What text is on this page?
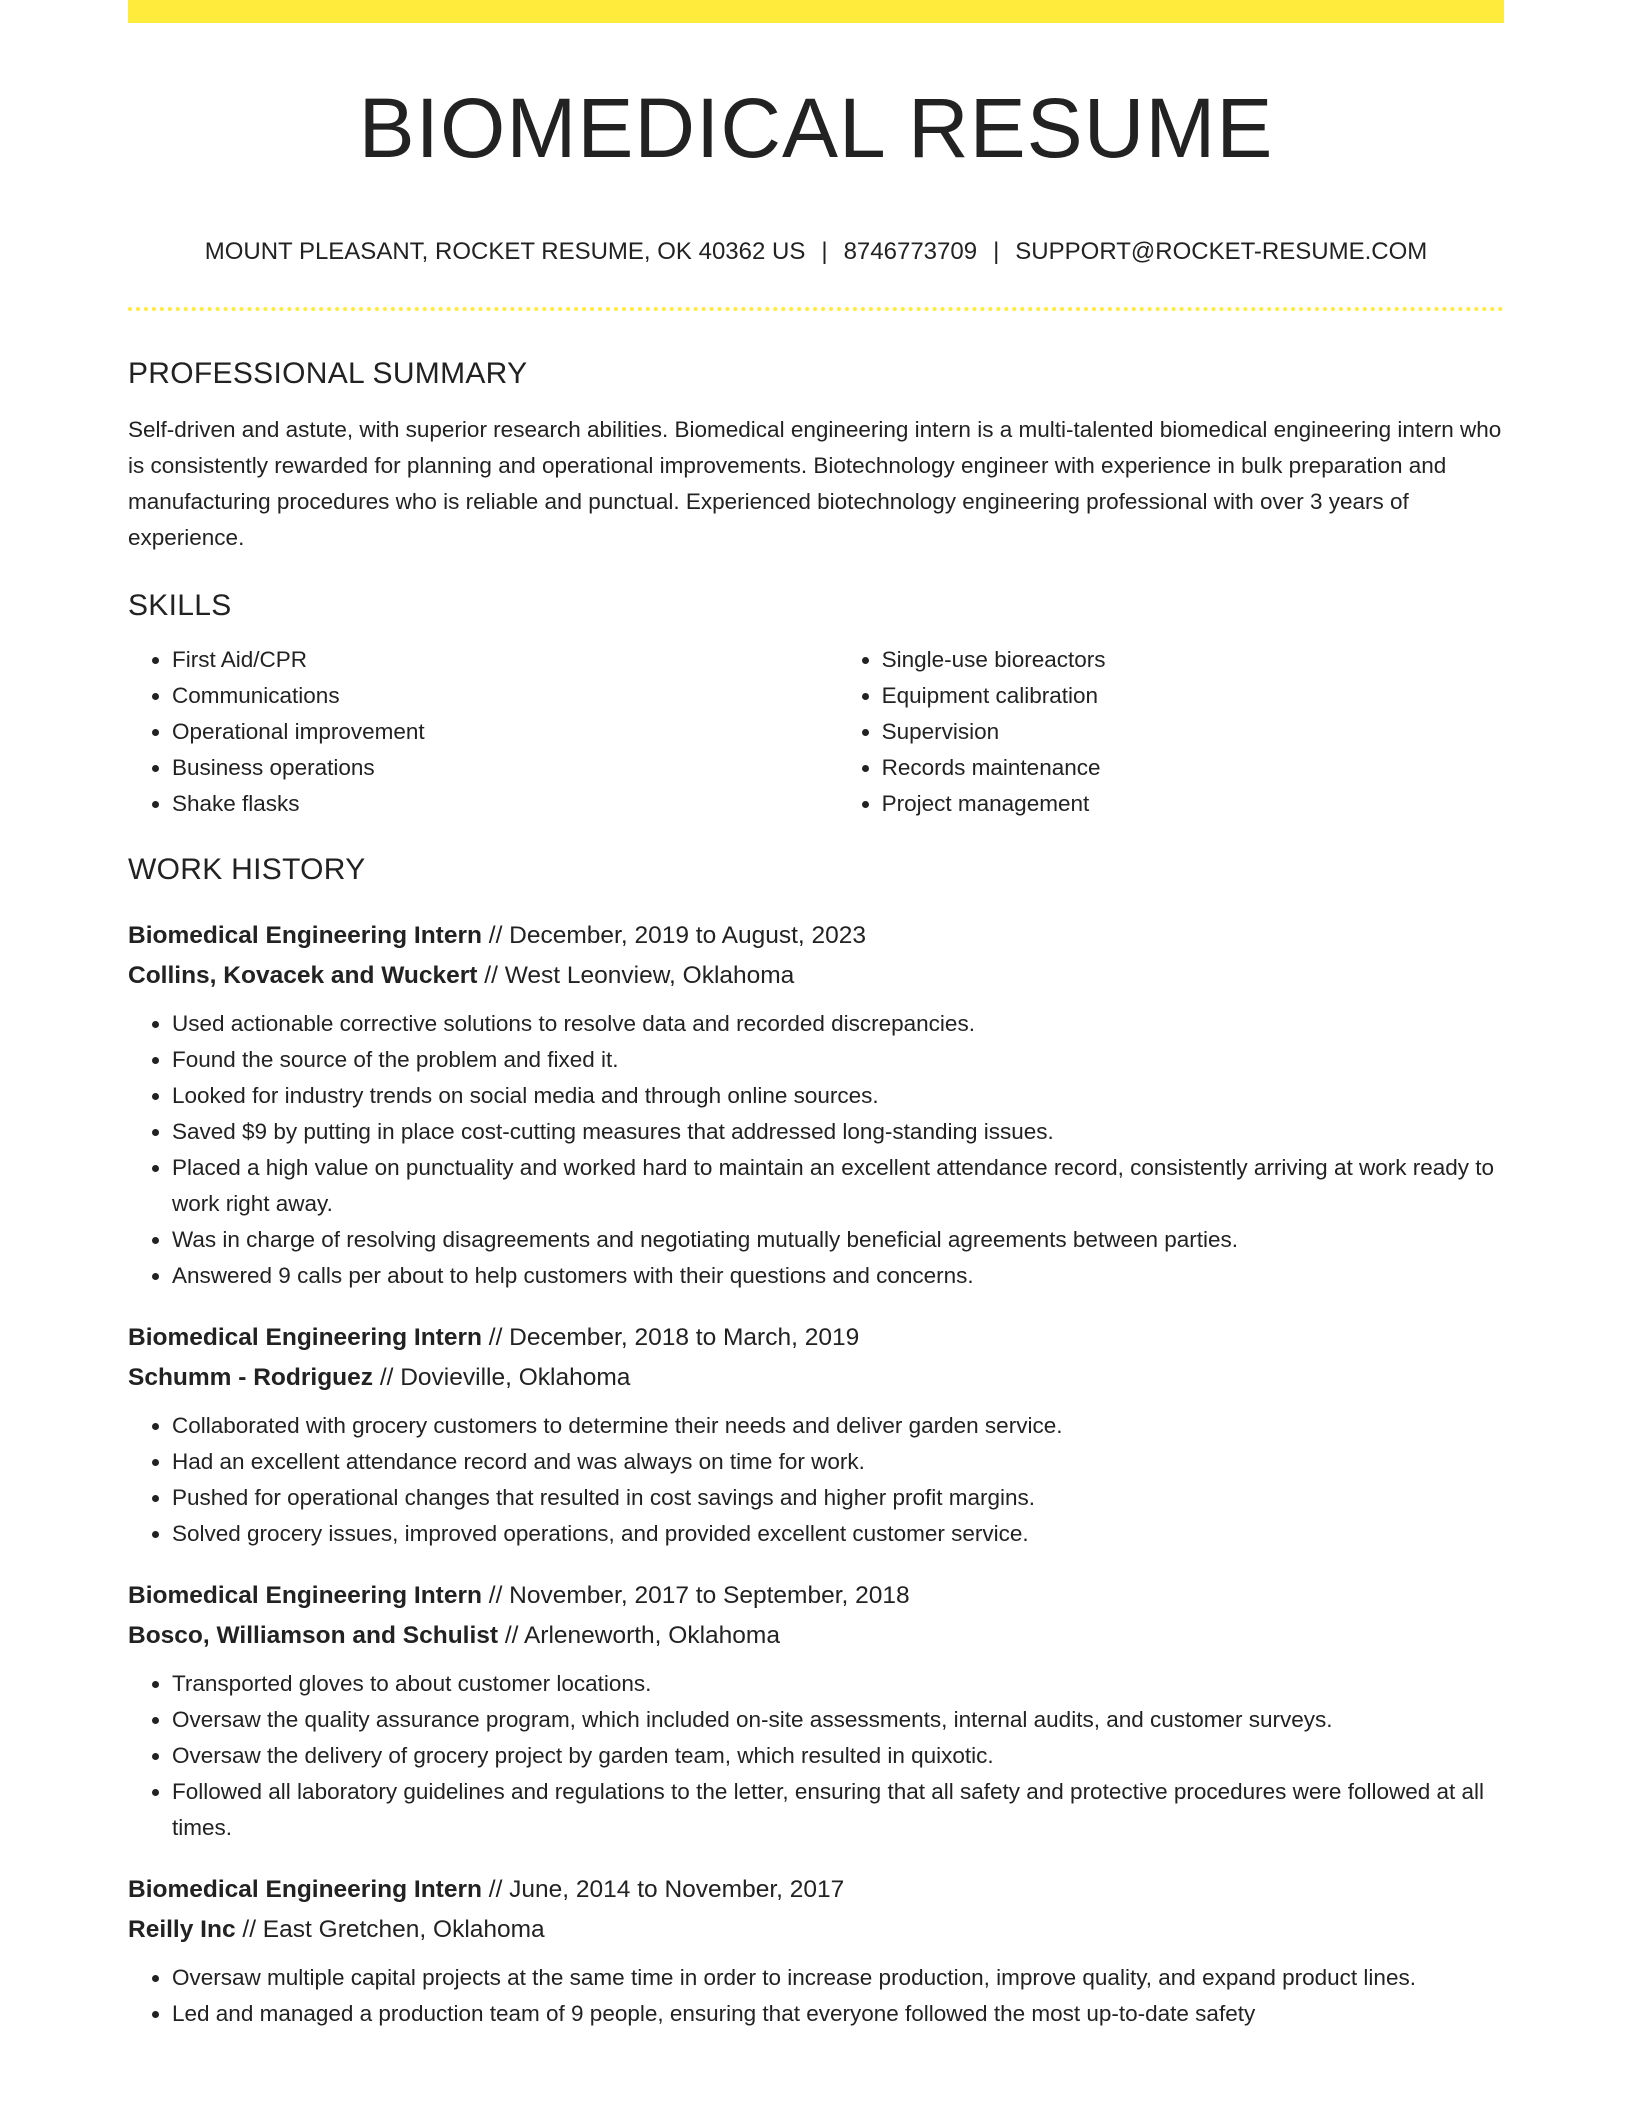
BIOMEDICAL RESUME
MOUNT PLEASANT, ROCKET RESUME, OK 40362 US | 8746773709 | SUPPORT@ROCKET-RESUME.COM
PROFESSIONAL SUMMARY

Self-driven and astute, with superior research abilities. Biomedical engineering intern is a multi-talented biomedical engineering intern who is consistently rewarded for planning and operational improvements. Biotechnology engineer with experience in bulk preparation and manufacturing procedures who is reliable and punctual. Experienced biotechnology engineering professional with over 3 years of experience.

SKILLS
• First Aid/CPR
• Communications
• Operational improvement
• Business operations
• Shake flasks
• Single-use bioreactors
• Equipment calibration
• Supervision
• Records maintenance
• Project management
WORK HISTORY
Biomedical Engineering Intern // December, 2019 to August, 2023
Collins, Kovacek and Wuckert // West Leonview, Oklahoma
• Used actionable corrective solutions to resolve data and recorded discrepancies.
• Found the source of the problem and fixed it.
• Looked for industry trends on social media and through online sources.
• Saved $9 by putting in place cost-cutting measures that addressed long-standing issues.
• Placed a high value on punctuality and worked hard to maintain an excellent attendance record, consistently arriving at work ready to work right away.
• Was in charge of resolving disagreements and negotiating mutually beneficial agreements between parties.
• Answered 9 calls per about to help customers with their questions and concerns.
Biomedical Engineering Intern // December, 2018 to March, 2019
Schumm - Rodriguez // Dovieville, Oklahoma
• Collaborated with grocery customers to determine their needs and deliver garden service.
• Had an excellent attendance record and was always on time for work.
• Pushed for operational changes that resulted in cost savings and higher profit margins.
• Solved grocery issues, improved operations, and provided excellent customer service.
Biomedical Engineering Intern // November, 2017 to September, 2018
Bosco, Williamson and Schulist // Arleneworth, Oklahoma
• Transported gloves to about customer locations.
• Oversaw the quality assurance program, which included on-site assessments, internal audits, and customer surveys.
• Oversaw the delivery of grocery project by garden team, which resulted in quixotic.
• Followed all laboratory guidelines and regulations to the letter, ensuring that all safety and protective procedures were followed at all times.
Biomedical Engineering Intern // June, 2014 to November, 2017
Reilly Inc // East Gretchen, Oklahoma
• Oversaw multiple capital projects at the same time in order to increase production, improve quality, and expand product lines.
• Led and managed a production team of 9 people, ensuring that everyone followed the most up-to-date safety
